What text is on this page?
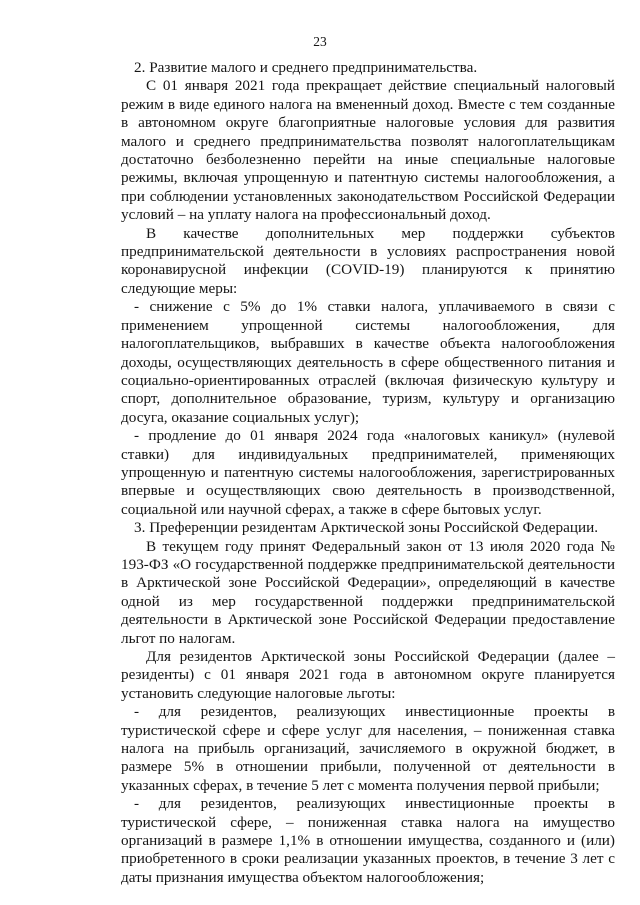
23

2. Развитие малого и среднего предпринимательства.

С 01 января 2021 года прекращает действие специальный налоговый режим в виде единого налога на вмененный доход. Вместе с тем созданные в автономном округе благоприятные налоговые условия для развития малого и среднего предпринимательства позволят налогоплательщикам достаточно безболезненно перейти на иные специальные налоговые режимы, включая упрощенную и патентную системы налогообложения, а при соблюдении установленных законодательством Российской Федерации условий – на уплату налога на профессиональный доход.

В качестве дополнительных мер поддержки субъектов предпринимательской деятельности в условиях распространения новой коронавирусной инфекции (COVID-19) планируются к принятию следующие меры:

- снижение с 5% до 1% ставки налога, уплачиваемого в связи с применением упрощенной системы налогообложения, для налогоплательщиков, выбравших в качестве объекта налогообложения доходы, осуществляющих деятельность в сфере общественного питания и социально-ориентированных отраслей (включая физическую культуру и спорт, дополнительное образование, туризм, культуру и организацию досуга, оказание социальных услуг);

- продление до 01 января 2024 года «налоговых каникул» (нулевой ставки) для индивидуальных предпринимателей, применяющих упрощенную и патентную системы налогообложения, зарегистрированных впервые и осуществляющих свою деятельность в производственной, социальной или научной сферах, а также в сфере бытовых услуг.

3. Преференции резидентам Арктической зоны Российской Федерации.

В текущем году принят Федеральный закон от 13 июля 2020 года № 193-ФЗ «О государственной поддержке предпринимательской деятельности в Арктической зоне Российской Федерации», определяющий в качестве одной из мер государственной поддержки предпринимательской деятельности в Арктической зоне Российской Федерации предоставление льгот по налогам.

Для резидентов Арктической зоны Российской Федерации (далее – резиденты) с 01 января 2021 года в автономном округе планируется установить следующие налоговые льготы:

- для резидентов, реализующих инвестиционные проекты в туристической сфере и сфере услуг для населения, – пониженная ставка налога на прибыль организаций, зачисляемого в окружной бюджет, в размере 5% в отношении прибыли, полученной от деятельности в указанных сферах, в течение 5 лет с момента получения первой прибыли;

- для резидентов, реализующих инвестиционные проекты в туристической сфере, – пониженная ставка налога на имущество организаций в размере 1,1% в отношении имущества, созданного и (или) приобретенного в сроки реализации указанных проектов, в течение 3 лет с даты признания имущества объектом налогообложения;
